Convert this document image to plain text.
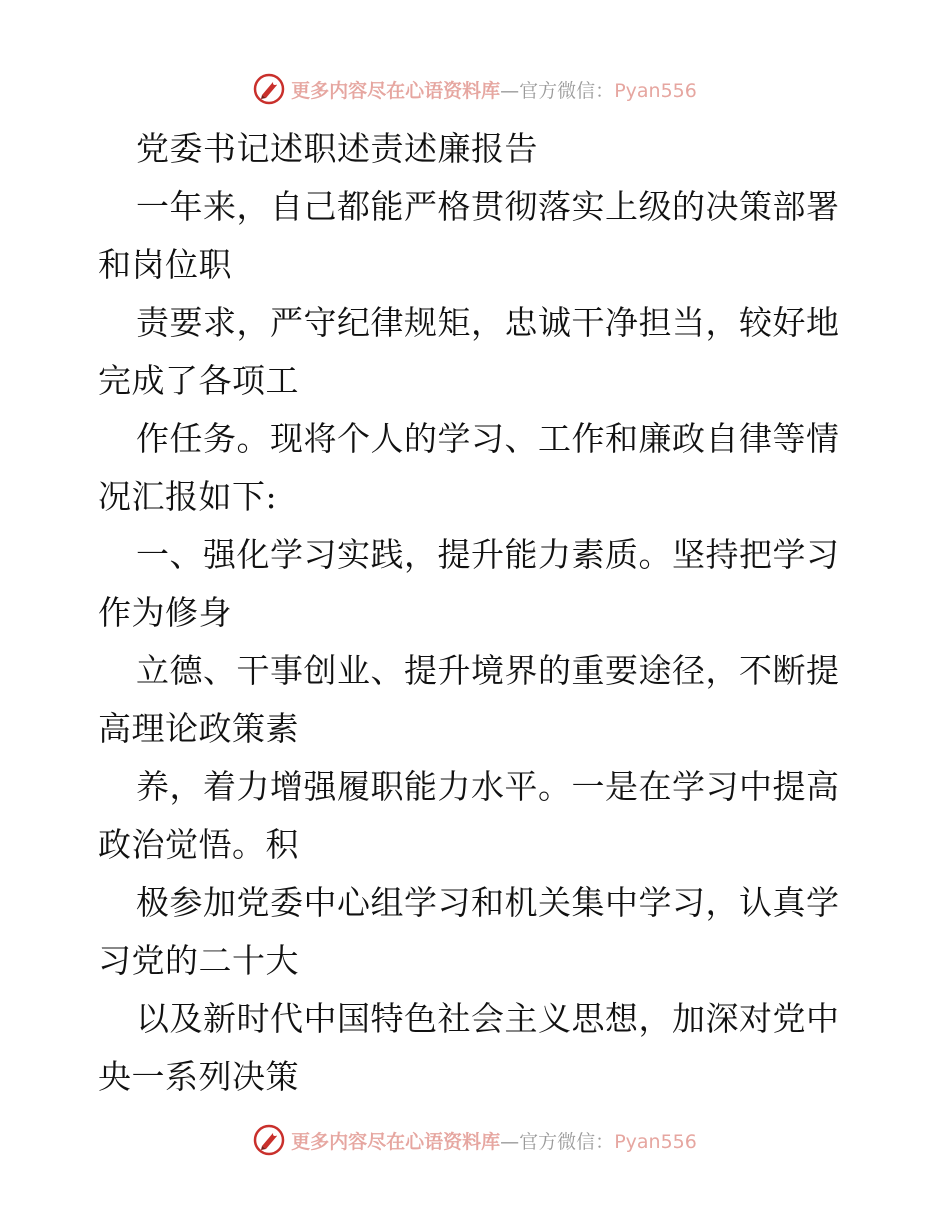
更多内容尽在心语资料库—官方微信：Pyan556
党委书记述职述责述廉报告
一年来，自己都能严格贯彻落实上级的决策部署
和岗位职
责要求，严守纪律规矩，忠诚干净担当，较好地
完成了各项工
作任务。现将个人的学习、工作和廉政自律等情
况汇报如下:
一、强化学习实践，提升能力素质。坚持把学习
作为修身
立德、干事创业、提升境界的重要途径，不断提
高理论政策素
养，着力增强履职能力水平。一是在学习中提高
政治觉悟。积
极参加党委中心组学习和机关集中学习，认真学
习党的二十大
以及新时代中国特色社会主义思想，加深对党中
央一系列决策
更多内容尽在心语资料库—官方微信：Pyan556
